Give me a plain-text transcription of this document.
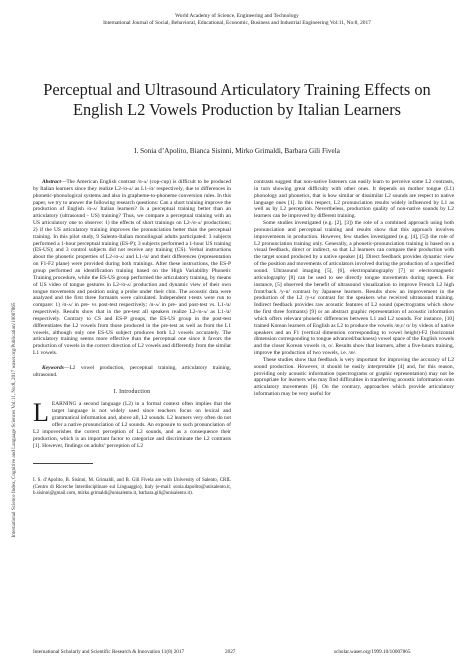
World Academy of Science, Engineering and Technology
International Journal of Social, Behavioral, Educational, Economic, Business and Industrial Engineering Vol:11, No:8, 2017
Perceptual and Ultrasound Articulatory Training Effects on English L2 Vowels Production by Italian Learners
I. Sonia d’Apolito, Bianca Sisinni, Mirko Grimaldi, Barbara Gili Fivela
International Science Index, Cognitive and Language Sciences Vol:11, No:8, 2017 waset.org/Publication/10007865

Abstract—The American English contrast /ɑ-ʌ/ (cop-cup) is difficult to be produced by Italian learners since they realize L2-/ɑ-ʌ/ as L1-/ɑ/ respectively, due to differences in phonetic-phonological systems and also in grapheme-to-phoneme conversion rules. In this paper, we try to answer the following research questions: Can a short training improve the production of English /ɑ-ʌ/ Italian learners? Is a perceptual training better than an articulatory (ultrasound - US) training? Thus, we compare a perceptual training with an US articulatory one to observe: 1) the effects of short trainings on L2-/ɑ-ʌ/ productions; 2) if the US articulatory training improves the pronunciation better than the perceptual training. In this pilot study, 9 Salento-Italian monolingual adults participated: 3 subjects performed a 1-hour perceptual training (ES-P); 3 subjects performed a 1-hour US training (ES-US); and 3 control subjects did not receive any training (CS). Verbal instructions about the phonetic properties of L2-/ɑ-ʌ/ and L1-/a/ and their differences (representation on F1-F2 plane) were provided during both trainings. After these instructions, the ES-P group performed an identification training based on the High Variability Phonetic Training procedure, while the ES-US group performed the articulatory training, by means of US video of tongue gestures in L2-/ɑ-ʌ/ production and dynamic view of their own tongue movements and position using a probe under their chin. The acoustic data were analyzed and the first three formants were calculated. Independent t-tests were run to compare: 1) /ɑ-ʌ/ in pre- vs post-test respectively; /ɑ-ʌ/ in pre- and post-test vs. L1-/a/ respectively. Results show that in the pre-test all speakers realize L2-/ɑ-ʌ/ as L1-/a/ respectively. Contrary to CS and ES-P groups, the ES-US group in the post-test differentiates the L2 vowels from those produced in the pre-test as well as from the L1 vowels, although only one ES-US subject produces both L2 vowels accurately. The articulatory training seems more effective than the perceptual one since it favors the production of vowels in the correct direction of L2 vowels and differently from the similar L1 vowels.

Keywords—L2 vowel production, perceptual training, articulatory training, ultrasound.

I. Introduction

LEARNING a second language (L2) in a formal context often implies that the target language is not widely used since teachers focus on lexical and grammatical information and, above all, L2 sounds. L2 learners very often do not offer a native pronunciation of L2 sounds. An exposure to such pronunciation of L2 impoverishes the correct perception of L2 sounds, and as a consequence their production, which is an important factor to categorize and discriminate the L2 contrasts [1]. However, findings on adults’ perception of L2

I. S. d’Apolito, B. Sisinni, M. Grimaldi, and B. Gili Fivela are with University of Salento, CRIL (Centro di Ricerche Interdisciplinare sul Linguaggio), Italy (e-mail: sonia.dapolito@unisalento.it, b.sisinni@gmail.com, mirko.grimaldi@unisalento.it, barbara.gili@unisalento.it).

contrasts suggest that non-native listeners can easily learn to perceive some L2 contrasts, in turn showing great difficulty with other ones. It depends on mother tongue (L1) phonology and phonetics, that is how similar or dissimilar L2 sounds are respect to native language ones [1]. In this respect, L2 pronunciation results widely influenced by L1 as well as by L2 perception. Nevertheless, production quality of non-native sounds by L2 learners can be improved by different training.

Some studies investigated (e.g. [2], [3]) the role of a combined approach using both pronunciation and perceptual training and results show that this approach involves improvements in production. However, few studies investigated (e.g. [4], [5]) the role of L2 pronunciation training only. Generally, a phonetic-pronunciation training is based on a visual feedback, direct or indirect, so that L2 learners can compare their production with the target sound produced by a native speaker [4]. Direct feedback provides dynamic view of the position and movements of articulators involved during the production of a specified sound. Ultrasound imaging [5], [6], electropalatography [7] or electromagnetic articulography [8] can be used to see directly tongue movements during speech. For instance, [5] observed the benefit of ultrasound visualization to improve French L2 high front/back /y-u/ contrast by Japanese learners. Results show an improvement in the production of the L2 /y-u/ contrast for the speakers who received ultrasound training. Indirect feedback provides raw acoustic features of L2 sound (spectrograms which show the first three formants) [9] or an abstract graphic representation of acoustic information which offers relevant phonetic differences between L1 and L2 sounds. For instance, [10] trained Korean learners of English as L2 to produce the vowels /æ,ɛ/ ɑ/ by videos of native speakers and an F1 (vertical dimension corresponding to vowel height)-F2 (horizontal dimension corresponding to tongue advanced/backness) vowel space of the English vowels and the closer Korean vowels /ɑ, o/. Results show that learners, after a five-hours training, improve the production of two vowels, i.e. /æ/.

These studies show that feedback is very important for improving the accuracy of L2 sound production. However, it should be easily interpretable [4] and, for this reason, providing only acoustic information (spectrograms or graphic representation) may not be appropriate for learners who may find difficulties in transferring acoustic information onto articulatory movements [6]. On the contrary, approaches which provide articulatory information may be very useful for

International Scholarly and Scientific Research & Innovation 11(8) 2017	2027	scholar.waset.org/1999.10/10007865
